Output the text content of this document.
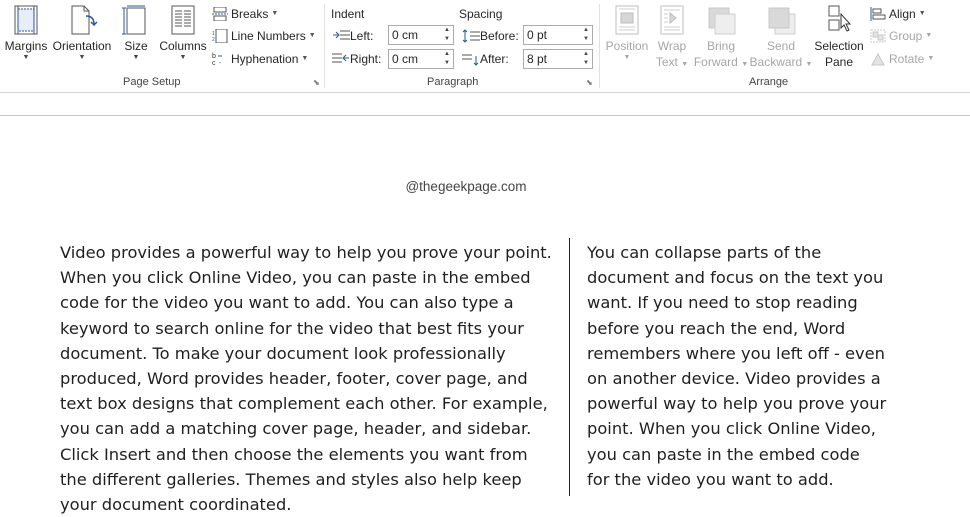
Margins
▼
Orientation
▼
Size
▼
Columns
▼
Breaks ▼
1
2 Line Numbers ▼
b
c - Hyphenation ▼
Page Setup	⬊
Indent	Spacing
Left:
0 cm	▲
▼
Right:
0 cm	▲
▼
Before:
0 pt	▲
▼
After:
8 pt	▲
▼
Paragraph	⬊
Position
▼
Wrap
Text ▼
Bring
Forward ▼
Send
Backward ▼
Selection
Pane
Align ▼
Group ▼
Rotate ▼
Arrange
@thegeekpage.com
Video provides a powerful way to help you prove your point. When you click Online Video, you can paste in the embed code for the video you want to add. You can also type a keyword to search online for the video that best fits your document. To make your document look professionally produced, Word provides header, footer, cover page, and text box designs that complement each other. For example, you can add a matching cover page, header, and sidebar. Click Insert and then choose the elements you want from the different galleries. Themes and styles also help keep your document coordinated.
You can collapse parts of the document and focus on the text you want. If you need to stop reading before you reach the end, Word remembers where you left off - even on another device. Video provides a powerful way to help you prove your point. When you click Online Video, you can paste in the embed code for the video you want to add.
